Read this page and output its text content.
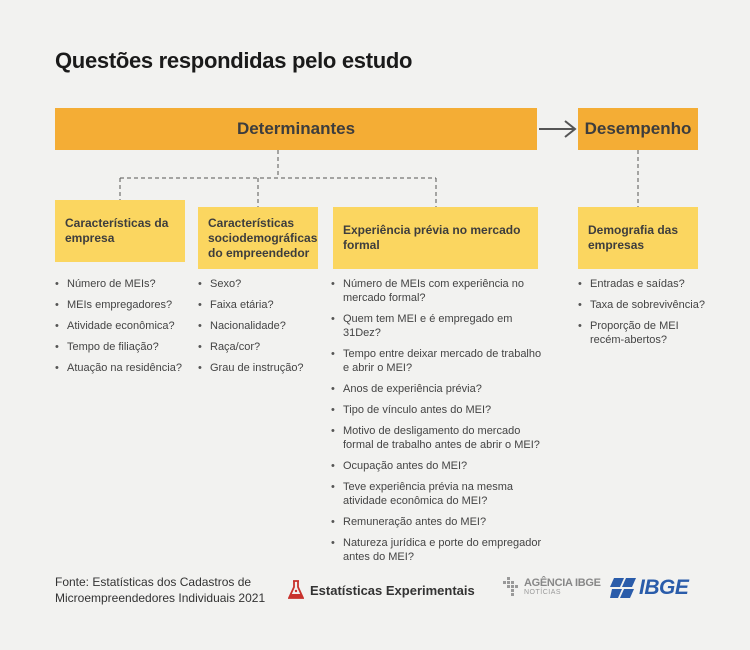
Questões respondidas pelo estudo
Determinantes	Desempenho
Características da empresa
Características sociodemográficas do empreendedor
Experiência prévia no mercado formal
Demografia das empresas
• Número de MEIs?
• MEIs empregadores?
• Atividade econômica?
• Tempo de filiação?
• Atuação na residência?
• Sexo?
• Faixa etária?
• Nacionalidade?
• Raça/cor?
• Grau de instrução?
• Número de MEIs com experiência no mercado formal?
• Quem tem MEI e é empregado em 31Dez?
• Tempo entre deixar mercado de trabalho e abrir o MEI?
• Anos de experiência prévia?
• Tipo de vínculo antes do MEI?
• Motivo de desligamento do mercado formal de trabalho antes de abrir o MEI?
• Ocupação antes do MEI?
• Teve experiência prévia na mesma atividade econômica do MEI?
• Remuneração antes do MEI?
• Natureza jurídica e porte do empregador antes do MEI?
• Entradas e saídas?
• Taxa de sobrevivência?
• Proporção de MEI recém-abertos?
Fonte: Estatísticas dos Cadastros de Microempreendedores Individuais 2021
Estatísticas Experimentais	AGÊNCIA IBGE
NOTÍCIAS	IBGE
